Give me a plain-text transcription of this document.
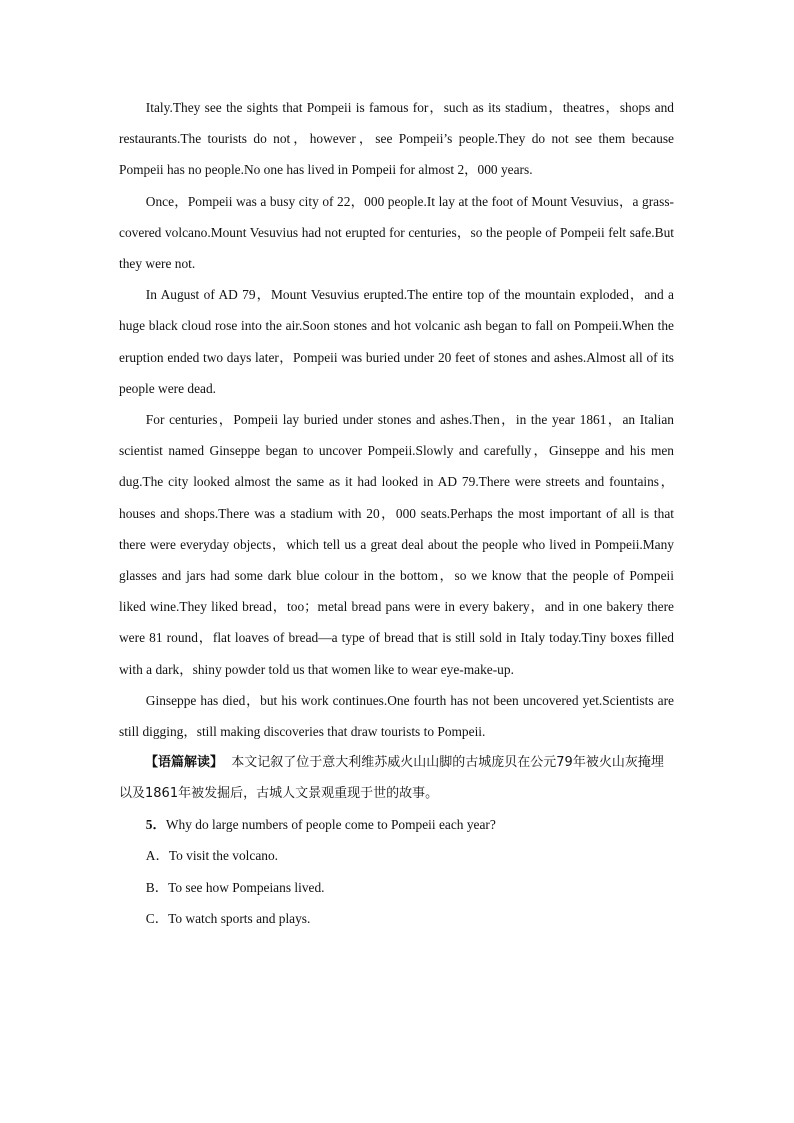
Italy.They see the sights that Pompeii is famous for，such as its stadium，theatres，shops and restaurants.The tourists do not，however，see Pompeii’s people.They do not see them because Pompeii has no people.No one has lived in Pompeii for almost 2，000 years.

Once，Pompeii was a busy city of 22，000 people.It lay at the foot of Mount Vesuvius，a grass-covered volcano.Mount Vesuvius had not erupted for centuries，so the people of Pompeii felt safe.But they were not.

In August of AD 79，Mount Vesuvius erupted.The entire top of the mountain exploded，and a huge black cloud rose into the air.Soon stones and hot volcanic ash began to fall on Pompeii.When the eruption ended two days later，Pompeii was buried under 20 feet of stones and ashes.Almost all of its people were dead.

For centuries，Pompeii lay buried under stones and ashes.Then，in the year 1861，an Italian scientist named Ginseppe began to uncover Pompeii.Slowly and carefully，Ginseppe and his men dug.The city looked almost the same as it had looked in AD 79.There were streets and fountains，houses and shops.There was a stadium with 20，000 seats.Perhaps the most important of all is that there were everyday objects，which tell us a great deal about the people who lived in Pompeii.Many glasses and jars had some dark blue colour in the bottom，so we know that the people of Pompeii liked wine.They liked bread，too；metal bread pans were in every bakery，and in one bakery there were 81 round，flat loaves of bread—a type of bread that is still sold in Italy today.Tiny boxes filled with a dark，shiny powder told us that women like to wear eye-make-up.

Ginseppe has died，but his work continues.One fourth has not been uncovered yet.Scientists are still digging，still making discoveries that draw tourists to Pompeii.

【语篇解读】 本文记叙了位于意大利维苏威火山山脚的古城庞贝在公元79年被火山灰掩埋以及1861年被发掘后，古城人文景观重现于世的故事。

5．Why do large numbers of people come to Pompeii each year?

A．To visit the volcano.

B．To see how Pompeians lived.

C．To watch sports and plays.
